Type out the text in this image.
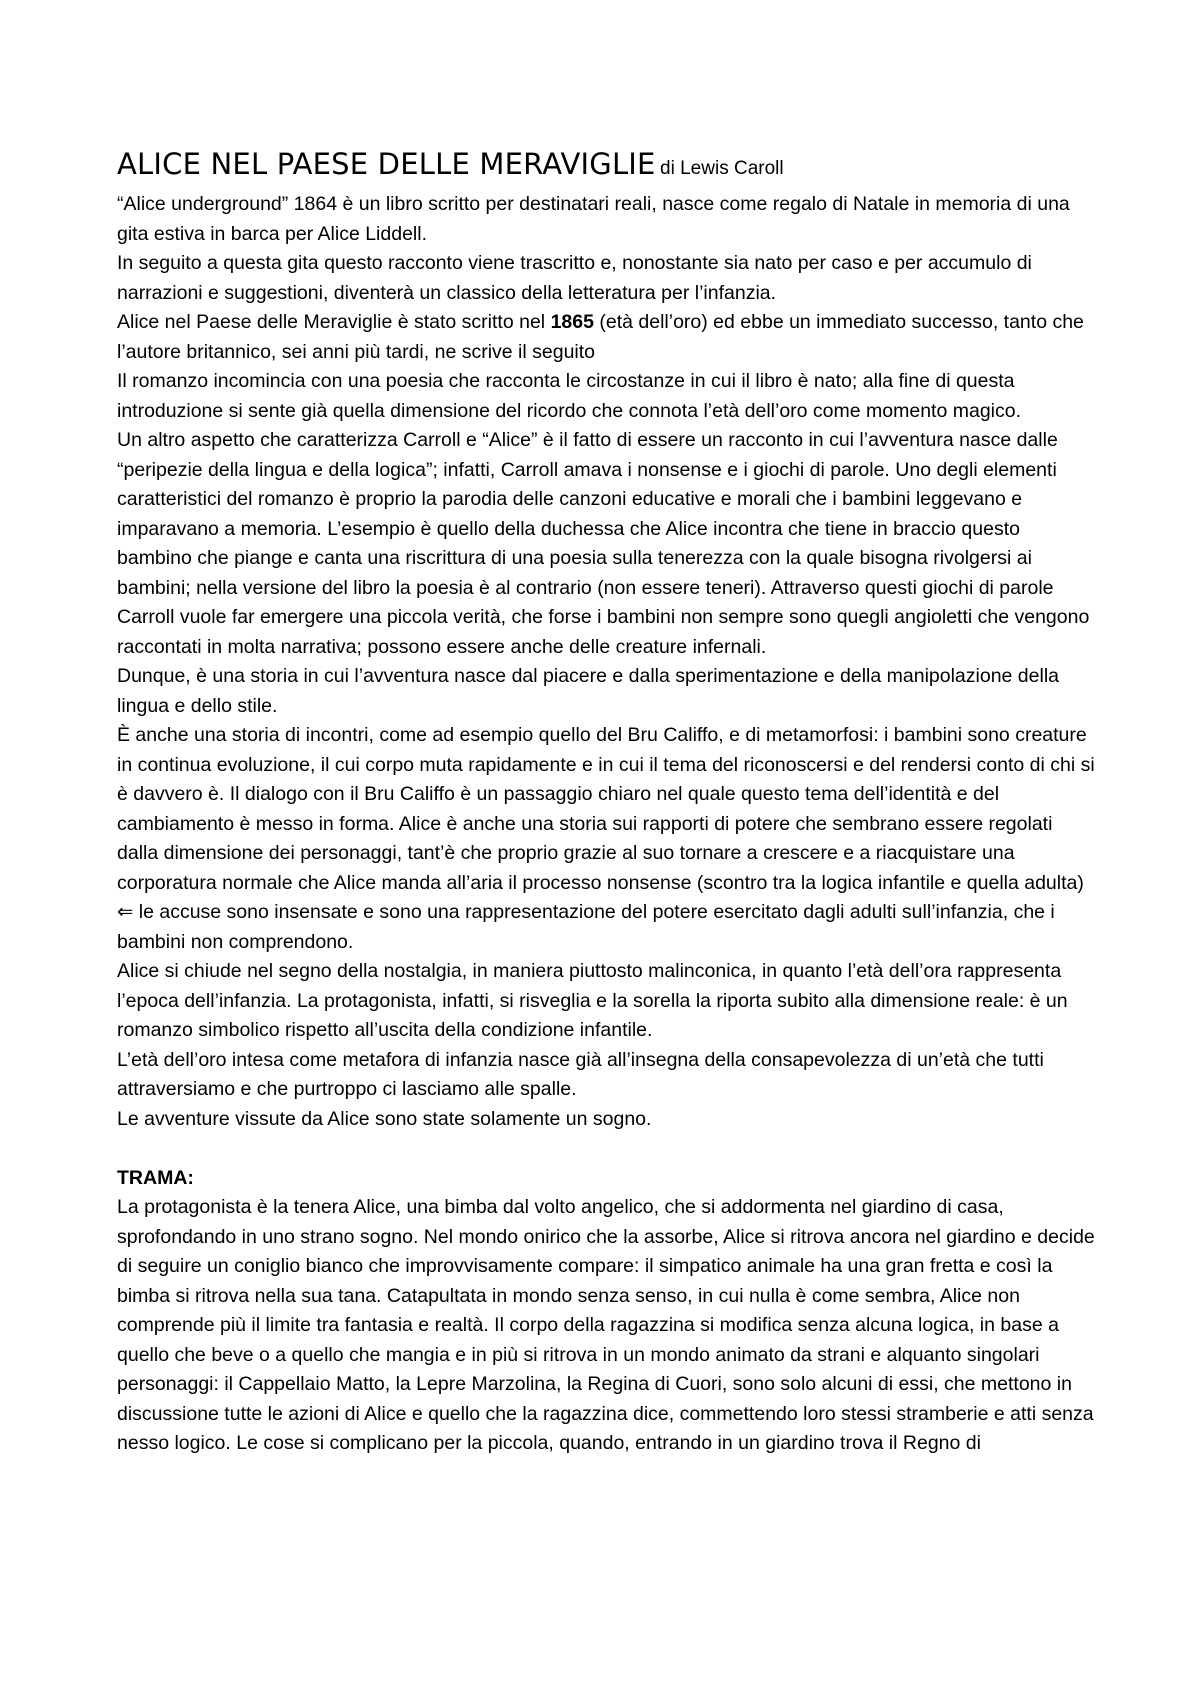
ALICE NEL PAESE DELLE MERAVIGLIE di Lewis Caroll

“Alice underground” 1864 è un libro scritto per destinatari reali, nasce come regalo di Natale in memoria di una gita estiva in barca per Alice Liddell.

In seguito a questa gita questo racconto viene trascritto e, nonostante sia nato per caso e per accumulo di narrazioni e suggestioni, diventerà un classico della letteratura per l’infanzia.

Alice nel Paese delle Meraviglie è stato scritto nel 1865 (età dell’oro) ed ebbe un immediato successo, tanto che l’autore britannico, sei anni più tardi, ne scrive il seguito

Il romanzo incomincia con una poesia che racconta le circostanze in cui il libro è nato; alla fine di questa introduzione si sente già quella dimensione del ricordo che connota l’età dell’oro come momento magico.

Un altro aspetto che caratterizza Carroll e “Alice” è il fatto di essere un racconto in cui l’avventura nasce dalle “peripezie della lingua e della logica”; infatti, Carroll amava i nonsense e i giochi di parole. Uno degli elementi caratteristici del romanzo è proprio la parodia delle canzoni educative e morali che i bambini leggevano e imparavano a memoria. L’esempio è quello della duchessa che Alice incontra che tiene in braccio questo bambino che piange e canta una riscrittura di una poesia sulla tenerezza con la quale bisogna rivolgersi ai bambini; nella versione del libro la poesia è al contrario (non essere teneri). Attraverso questi giochi di parole Carroll vuole far emergere una piccola verità, che forse i bambini non sempre sono quegli angioletti che vengono raccontati in molta narrativa; possono essere anche delle creature infernali.

Dunque, è una storia in cui l’avventura nasce dal piacere e dalla sperimentazione e della manipolazione della lingua e dello stile.

È anche una storia di incontri, come ad esempio quello del Bru Califfo, e di metamorfosi: i bambini sono creature in continua evoluzione, il cui corpo muta rapidamente e in cui il tema del riconoscersi e del rendersi conto di chi si è davvero è. Il dialogo con il Bru Califfo è un passaggio chiaro nel quale questo tema dell’identità e del cambiamento è messo in forma. Alice è anche una storia sui rapporti di potere che sembrano essere regolati dalla dimensione dei personaggi, tant’è che proprio grazie al suo tornare a crescere e a riacquistare una corporatura normale che Alice manda all’aria il processo nonsense (scontro tra la logica infantile e quella adulta) ⇐ le accuse sono insensate e sono una rappresentazione del potere esercitato dagli adulti sull’infanzia, che i bambini non comprendono.

Alice si chiude nel segno della nostalgia, in maniera piuttosto malinconica, in quanto l’età dell’ora rappresenta l’epoca dell’infanzia. La protagonista, infatti, si risveglia e la sorella la riporta subito alla dimensione reale: è un romanzo simbolico rispetto all’uscita della condizione infantile.

L’età dell’oro intesa come metafora di infanzia nasce già all’insegna della consapevolezza di un’età che tutti attraversiamo e che purtroppo ci lasciamo alle spalle.

Le avventure vissute da Alice sono state solamente un sogno.

TRAMA:

La protagonista è la tenera Alice, una bimba dal volto angelico, che si addormenta nel giardino di casa, sprofondando in uno strano sogno. Nel mondo onirico che la assorbe, Alice si ritrova ancora nel giardino e decide di seguire un coniglio bianco che improvvisamente compare: il simpatico animale ha una gran fretta e così la bimba si ritrova nella sua tana. Catapultata in mondo senza senso, in cui nulla è come sembra, Alice non comprende più il limite tra fantasia e realtà. Il corpo della ragazzina si modifica senza alcuna logica, in base a quello che beve o a quello che mangia e in più si ritrova in un mondo animato da strani e alquanto singolari personaggi: il Cappellaio Matto, la Lepre Marzolina, la Regina di Cuori, sono solo alcuni di essi, che mettono in discussione tutte le azioni di Alice e quello che la ragazzina dice, commettendo loro stessi stramberie e atti senza nesso logico. Le cose si complicano per la piccola, quando, entrando in un giardino trova il Regno di
